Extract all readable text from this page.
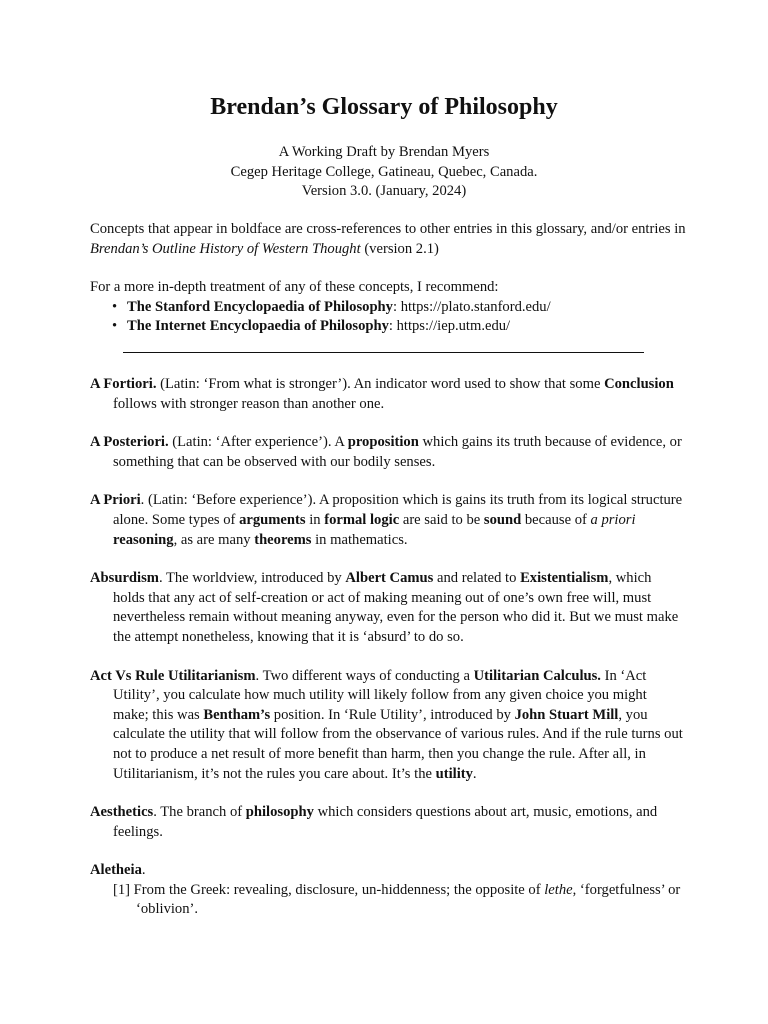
Brendan’s Glossary of Philosophy
A Working Draft by Brendan Myers
Cegep Heritage College, Gatineau, Quebec, Canada.
Version 3.0. (January, 2024)
Concepts that appear in boldface are cross-references to other entries in this glossary, and/or entries in Brendan’s Outline History of Western Thought (version 2.1)
For a more in-depth treatment of any of these concepts, I recommend:
• The Stanford Encyclopaedia of Philosophy: https://plato.stanford.edu/
• The Internet Encyclopaedia of Philosophy: https://iep.utm.edu/

A Fortiori. (Latin: ‘From what is stronger’). An indicator word used to show that some Conclusion follows with stronger reason than another one.

A Posteriori. (Latin: ‘After experience’). A proposition which gains its truth because of evidence, or something that can be observed with our bodily senses.

A Priori. (Latin: ‘Before experience’). A proposition which is gains its truth from its logical structure alone. Some types of arguments in formal logic are said to be sound because of a priori reasoning, as are many theorems in mathematics.

Absurdism. The worldview, introduced by Albert Camus and related to Existentialism, which holds that any act of self-creation or act of making meaning out of one’s own free will, must nevertheless remain without meaning anyway, even for the person who did it. But we must make the attempt nonetheless, knowing that it is ‘absurd’ to do so.

Act Vs Rule Utilitarianism. Two different ways of conducting a Utilitarian Calculus. In ‘Act Utility’, you calculate how much utility will likely follow from any given choice you might make; this was Bentham’s position. In ‘Rule Utility’, introduced by John Stuart Mill, you calculate the utility that will follow from the observance of various rules. And if the rule turns out not to produce a net result of more benefit than harm, then you change the rule. After all, in Utilitarianism, it’s not the rules you care about. It’s the utility.

Aesthetics. The branch of philosophy which considers questions about art, music, emotions, and feelings.

Aletheia.
[1] From the Greek: revealing, disclosure, un-hiddenness; the opposite of lethe, ‘forgetfulness’ or ‘oblivion’.
